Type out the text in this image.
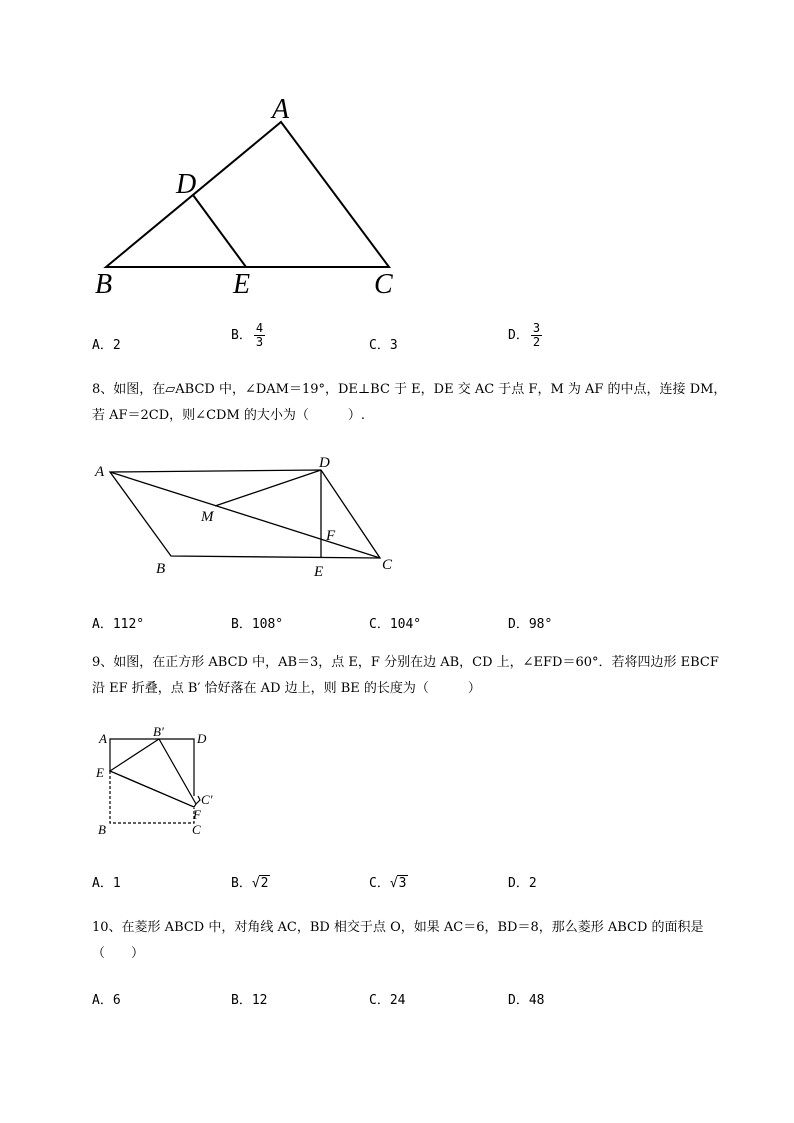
A
D
B	E	C
A．2
B． $\frac{4}{3}$	C．3
D． $\frac{3}{2}$
8、如图，在▱ABCD 中，∠DAM＝19°，DE⊥BC 于 E，DE 交 AC 于点 F，M 为 AF 的中点，连接 DM，
若 AF＝2CD，则∠CDM 的大小为（　　　）.
A
D
M
F
B	E	C
A．112°	B．108°	C．104°	D．98°
9、如图，在正方形 ABCD 中，AB＝3，点 E，F 分别在边 AB，CD 上，∠EFD＝60°．若将四边形 EBCF
沿 EF 折叠，点 B′ 恰好落在 AD 边上，则 BE 的长度为（　　　）
A	B′	D
E
C′
F
B	C
A．1	B．√2	C．√3	D．2
10、在菱形 ABCD 中，对角线 AC，BD 相交于点 O，如果 AC＝6，BD＝8，那么菱形 ABCD 的面积是
（　　）
A．6	B．12	C．24	D．48
